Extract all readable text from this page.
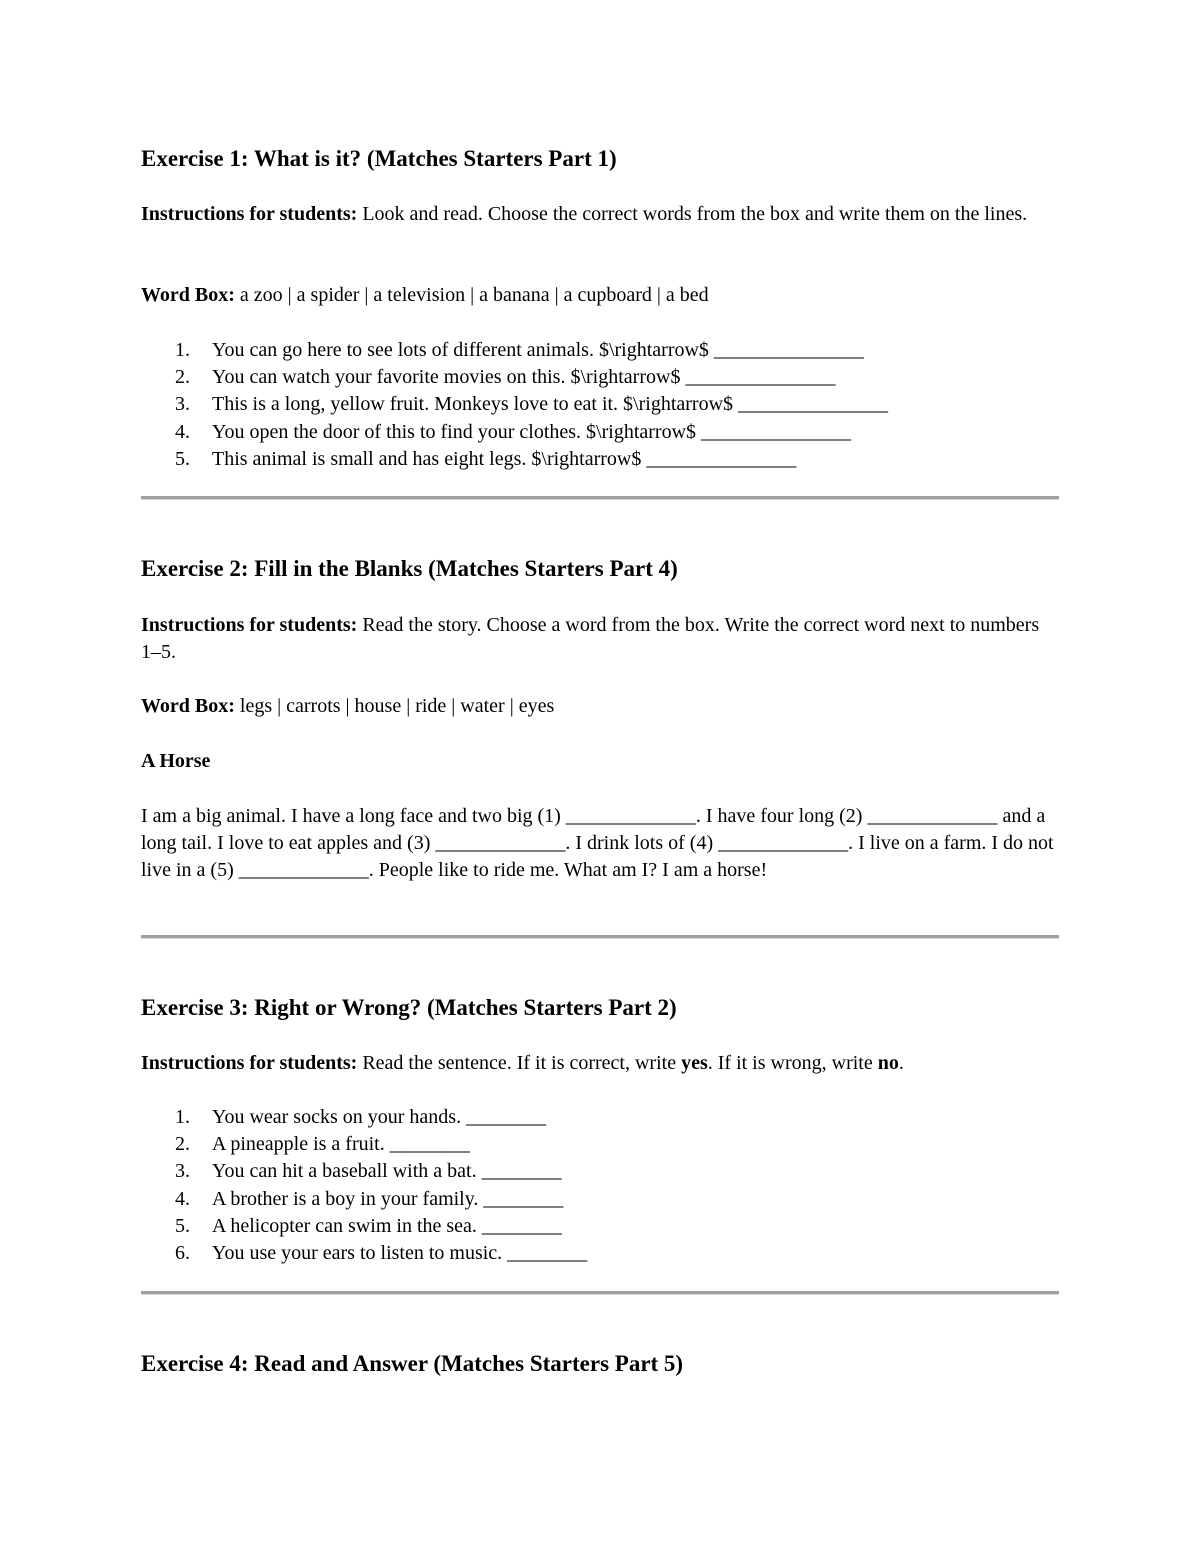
Exercise 1: What is it? (Matches Starters Part 1)
Instructions for students: Look and read. Choose the correct words from the box and write them on the lines.
Word Box: a zoo | a spider | a television | a banana | a cupboard | a bed
1. You can go here to see lots of different animals. $\rightarrow$ _______________
2. You can watch your favorite movies on this. $\rightarrow$ _______________
3. This is a long, yellow fruit. Monkeys love to eat it. $\rightarrow$ _______________
4. You open the door of this to find your clothes. $\rightarrow$ _______________
5. This animal is small and has eight legs. $\rightarrow$ _______________
Exercise 2: Fill in the Blanks (Matches Starters Part 4)
Instructions for students: Read the story. Choose a word from the box. Write the correct word next to numbers 1–5.
Word Box: legs | carrots | house | ride | water | eyes
A Horse
I am a big animal. I have a long face and two big (1) _____________. I have four long (2) _____________ and a long tail. I love to eat apples and (3) _____________. I drink lots of (4) _____________. I live on a farm. I do not live in a (5) _____________. People like to ride me. What am I? I am a horse!
Exercise 3: Right or Wrong? (Matches Starters Part 2)
Instructions for students: Read the sentence. If it is correct, write yes. If it is wrong, write no.
1. You wear socks on your hands. ________
2. A pineapple is a fruit. ________
3. You can hit a baseball with a bat. ________
4. A brother is a boy in your family. ________
5. A helicopter can swim in the sea. ________
6. You use your ears to listen to music. ________
Exercise 4: Read and Answer (Matches Starters Part 5)
